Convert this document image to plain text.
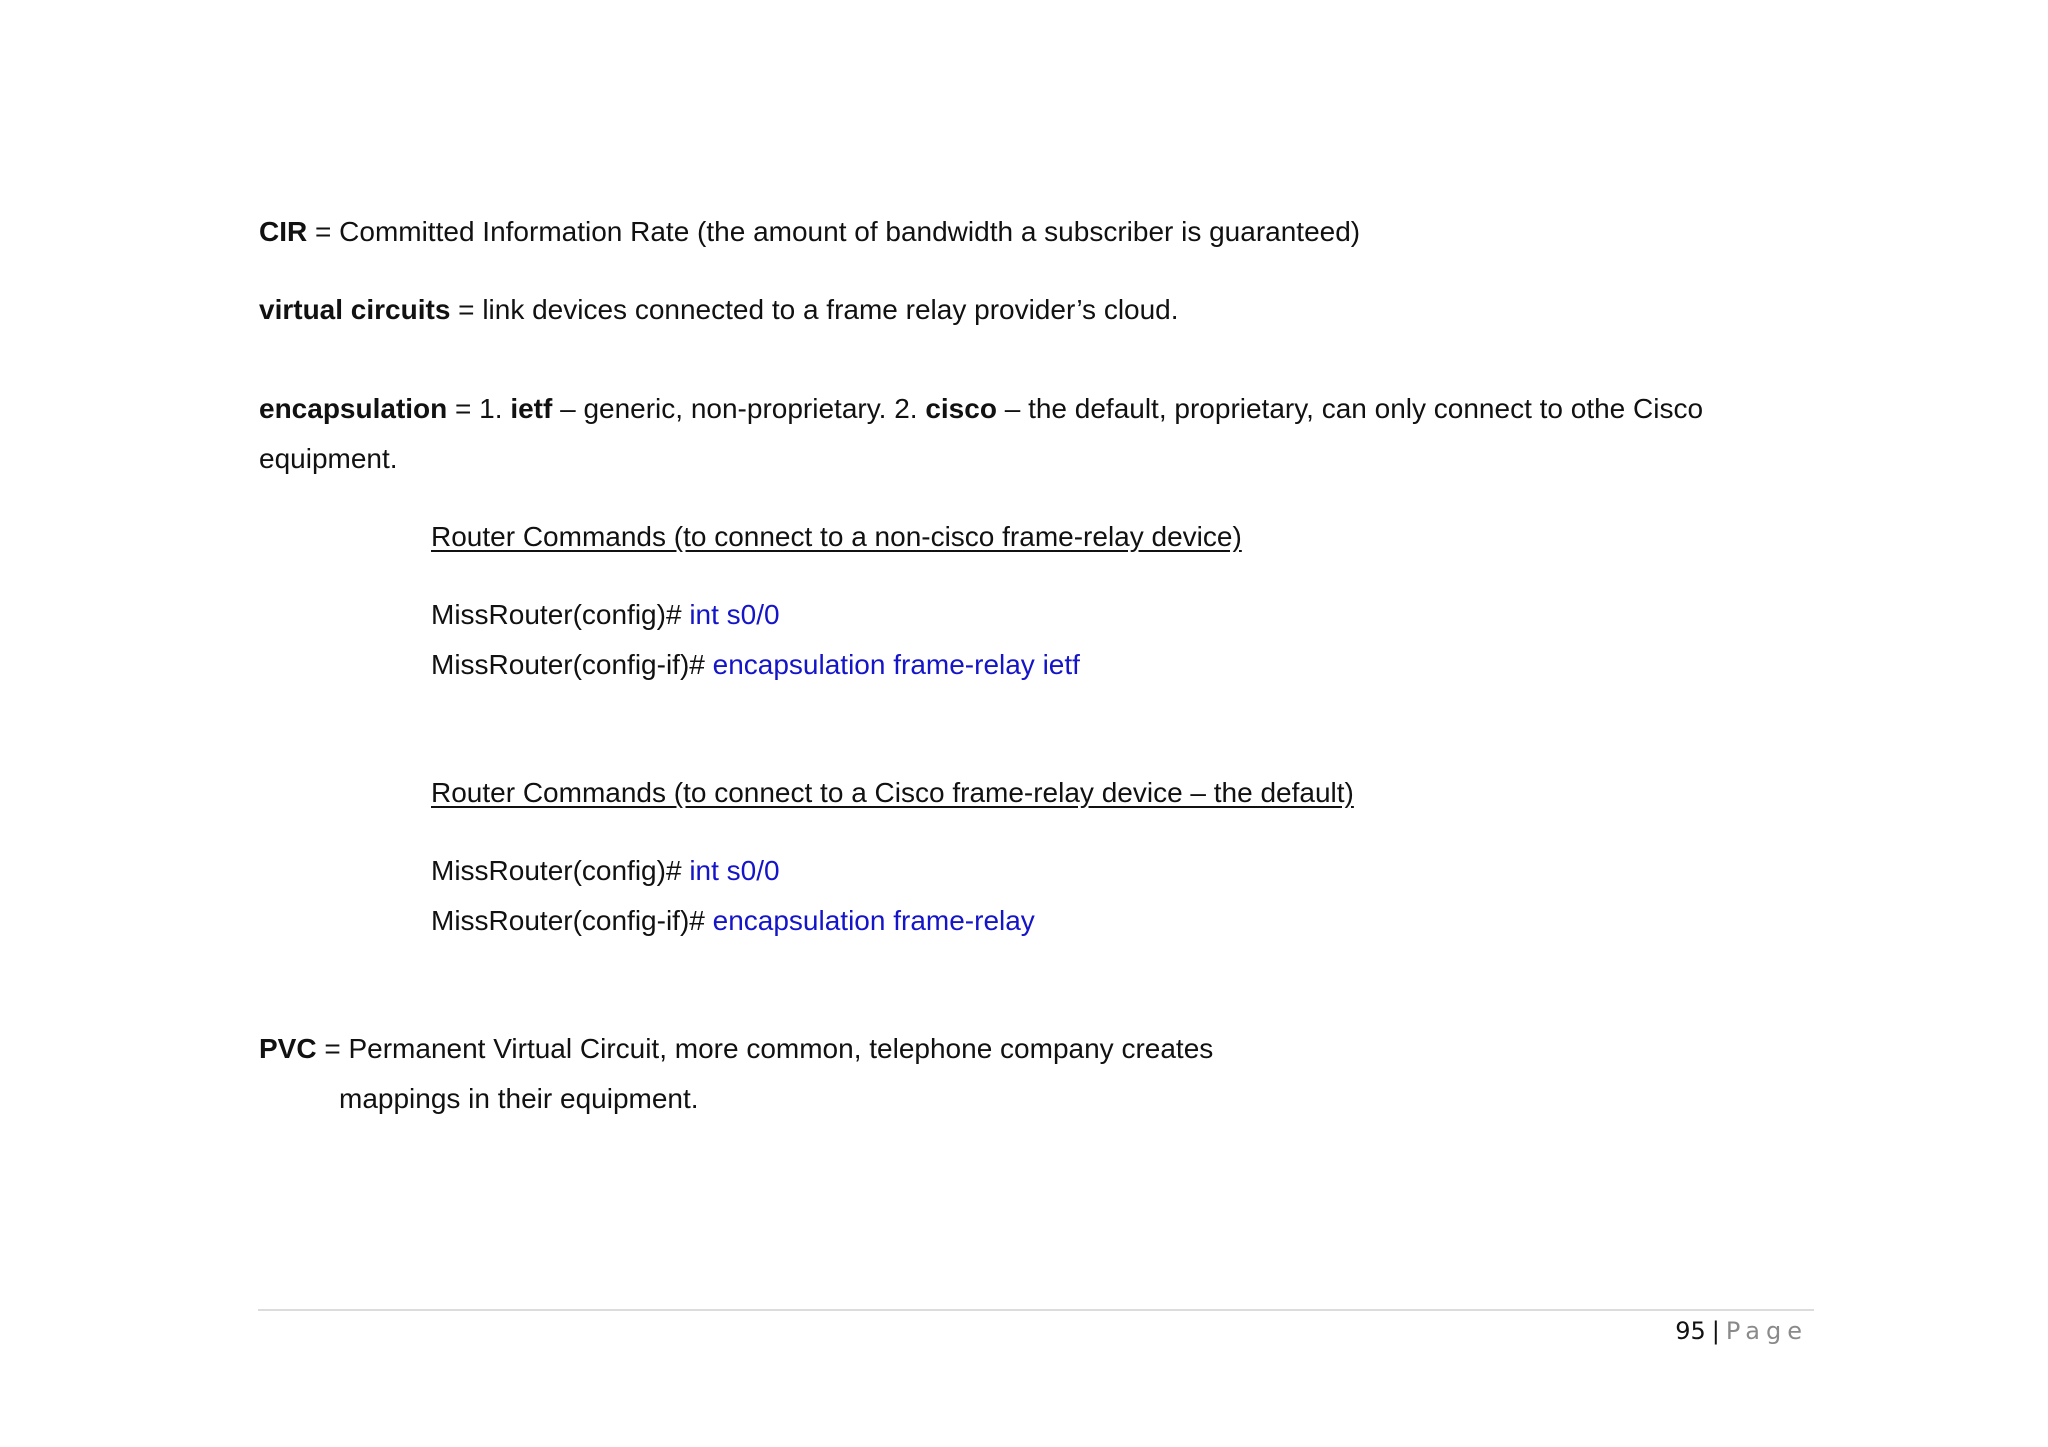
CIR = Committed Information Rate (the amount of bandwidth a subscriber is guaranteed)
virtual circuits = link devices connected to a frame relay provider’s cloud.
encapsulation = 1. ietf – generic, non-proprietary. 2. cisco – the default, proprietary, can only connect to othe Cisco
equipment.
Router Commands (to connect to a non-cisco frame-relay device)
MissRouter(config)# int s0/0
MissRouter(config-if)# encapsulation frame-relay ietf
Router Commands (to connect to a Cisco frame-relay device – the default)
MissRouter(config)# int s0/0
MissRouter(config-if)# encapsulation frame-relay
PVC = Permanent Virtual Circuit, more common, telephone company creates
mappings in their equipment.
95 | Page
